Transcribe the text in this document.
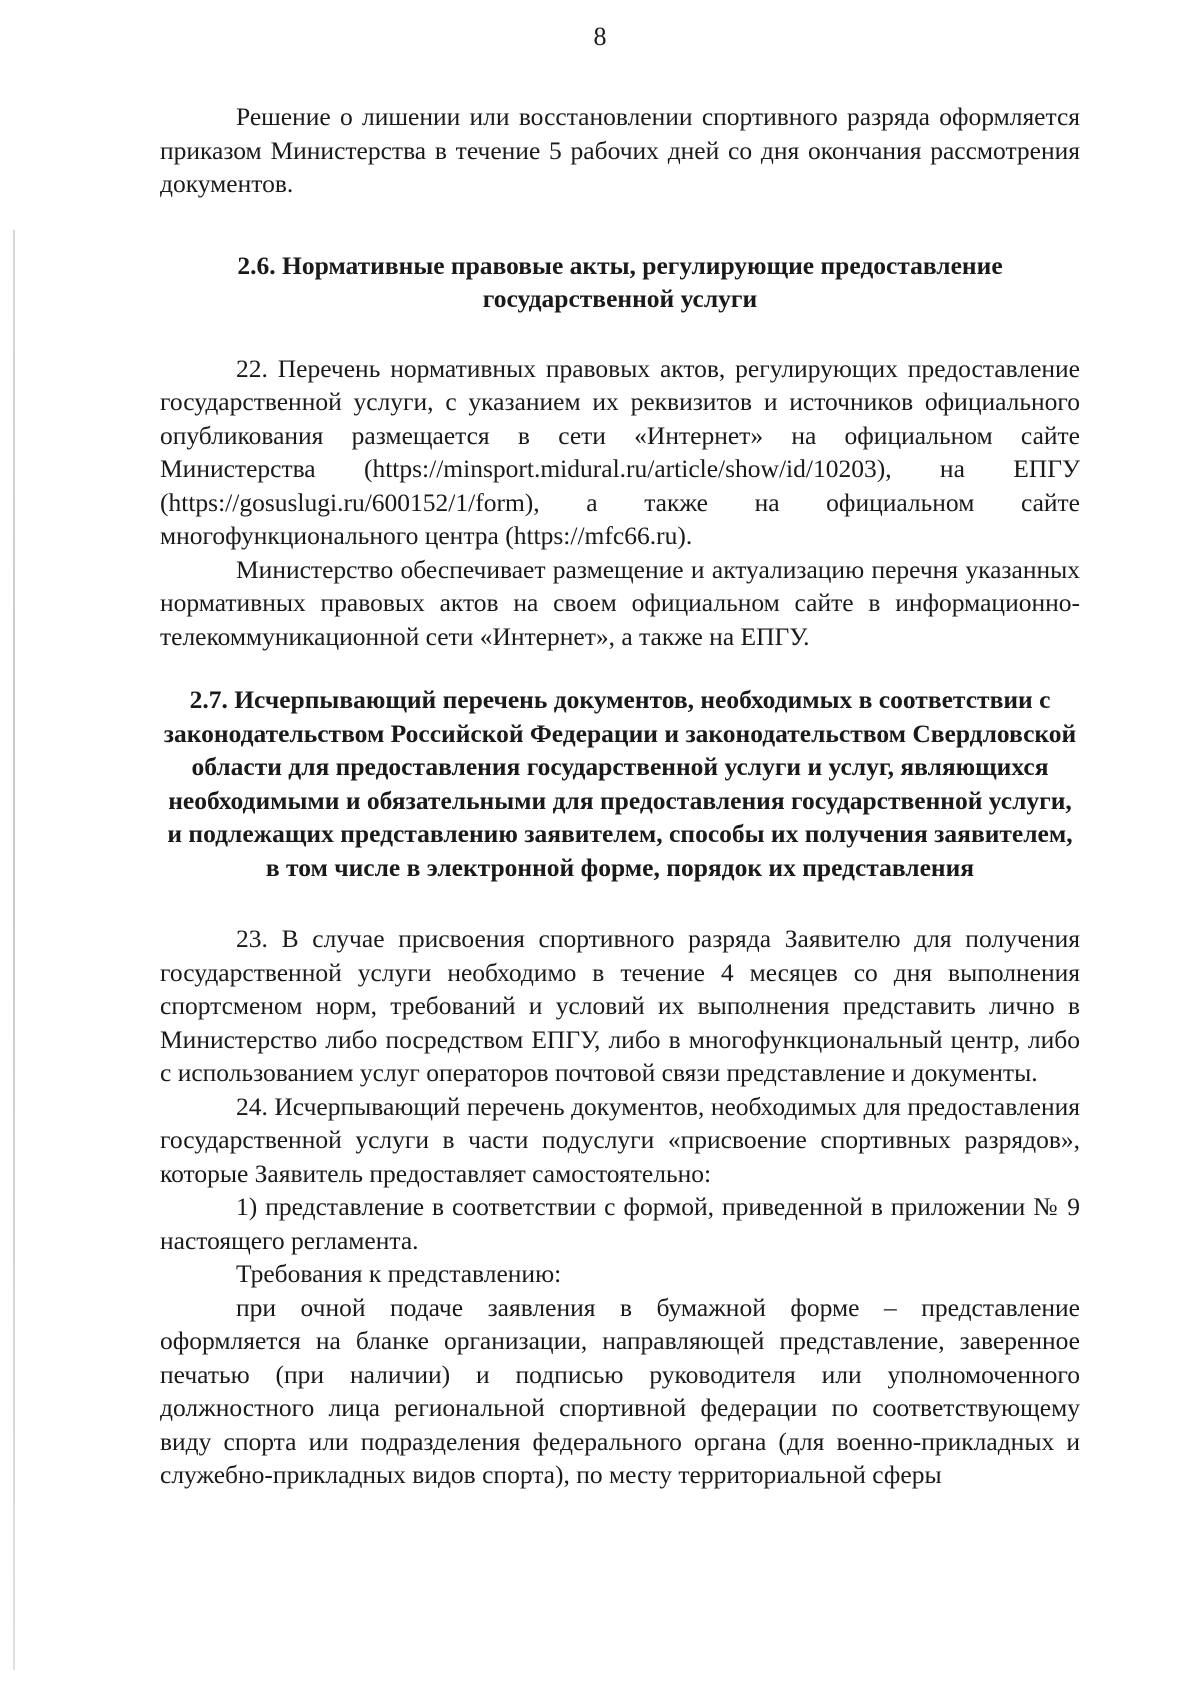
8

Решение о лишении или восстановлении спортивного разряда оформляется приказом Министерства в течение 5 рабочих дней со дня окончания рассмотрения документов.

2.6. Нормативные правовые акты, регулирующие предоставление государственной услуги

22. Перечень нормативных правовых актов, регулирующих предоставление государственной услуги, с указанием их реквизитов и источников официального опубликования размещается в сети «Интернет» на официальном сайте Министерства (https://minsport.midural.ru/article/show/id/10203), на ЕПГУ (https://gosuslugi.ru/600152/1/form), а также на официальном сайте многофункционального центра (https://mfc66.ru).

Министерство обеспечивает размещение и актуализацию перечня указанных нормативных правовых актов на своем официальном сайте в информационно-телекоммуникационной сети «Интернет», а также на ЕПГУ.

2.7. Исчерпывающий перечень документов, необходимых в соответствии с законодательством Российской Федерации и законодательством Свердловской области для предоставления государственной услуги и услуг, являющихся необходимыми и обязательными для предоставления государственной услуги, и подлежащих представлению заявителем, способы их получения заявителем, в том числе в электронной форме, порядок их представления

23. В случае присвоения спортивного разряда Заявителю для получения государственной услуги необходимо в течение 4 месяцев со дня выполнения спортсменом норм, требований и условий их выполнения представить лично в Министерство либо посредством ЕПГУ, либо в многофункциональный центр, либо с использованием услуг операторов почтовой связи представление и документы.

24. Исчерпывающий перечень документов, необходимых для предоставления государственной услуги в части подуслуги «присвоение спортивных разрядов», которые Заявитель предоставляет самостоятельно:

1) представление в соответствии с формой, приведенной в приложении № 9 настоящего регламента.

Требования к представлению:

при очной подаче заявления в бумажной форме – представление оформляется на бланке организации, направляющей представление, заверенное печатью (при наличии) и подписью руководителя или уполномоченного должностного лица региональной спортивной федерации по соответствующему виду спорта или подразделения федерального органа (для военно-прикладных и служебно-прикладных видов спорта), по месту территориальной сферы
